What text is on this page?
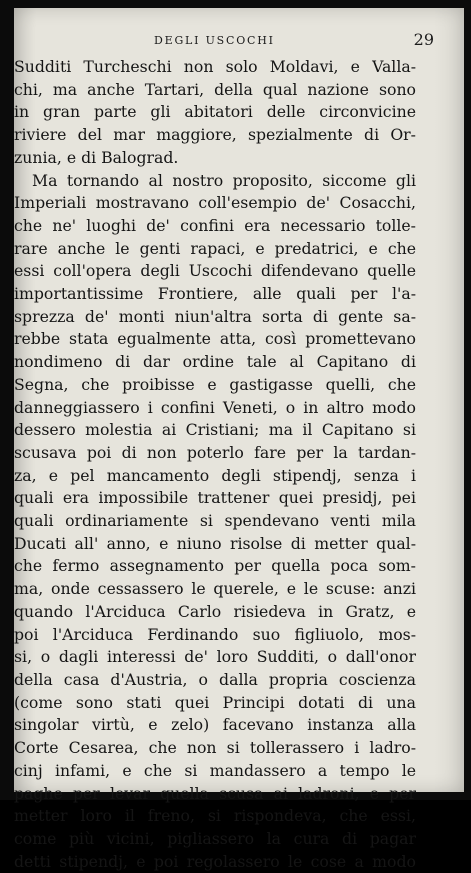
DEGLI USCOCHI	29
Sudditi Turcheschi non solo Moldavi, e Valla-
chi, ma anche Tartari, della qual nazione sono
in gran parte gli abitatori delle circonvicine
riviere del mar maggiore, spezialmente di Or-
zunia, e di Balograd.
Ma tornando al nostro proposito, siccome gli
Imperiali mostravano coll'esempio de' Cosacchi,
che ne' luoghi de' confini era necessario tolle-
rare anche le genti rapaci, e predatrici, e che
essi coll'opera degli Uscochi difendevano quelle
importantissime Frontiere, alle quali per l'a-
sprezza de' monti niun'altra sorta di gente sa-
rebbe stata egualmente atta, così promettevano
nondimeno di dar ordine tale al Capitano di
Segna, che proibisse e gastigasse quelli, che
danneggiassero i confini Veneti, o in altro modo
dessero molestia ai Cristiani; ma il Capitano si
scusava poi di non poterlo fare per la tardan-
za, e pel mancamento degli stipendj, senza i
quali era impossibile trattener quei presidj, pei
quali ordinariamente si spendevano venti mila
Ducati all' anno, e niuno risolse di metter qual-
che fermo assegnamento per quella poca som-
ma, onde cessassero le querele, e le scuse: anzi
quando l'Arciduca Carlo risiedeva in Gratz, e
poi l'Arciduca Ferdinando suo figliuolo, mos-
si, o dagli interessi de' loro Sudditi, o dall'onor
della casa d'Austria, o dalla propria coscienza
(come sono stati quei Principi dotati di una
singolar virtù, e zelo) facevano instanza alla
Corte Cesarea, che non si tollerassero i ladro-
cinj infami, e che si mandassero a tempo le
paghe per levar quella scusa ai ladroni, e per
metter loro il freno, si rispondeva, che essi,
come più vicini, pigliassero la cura di pagar
detti stipendj, e poi regolassero le cose a modo
